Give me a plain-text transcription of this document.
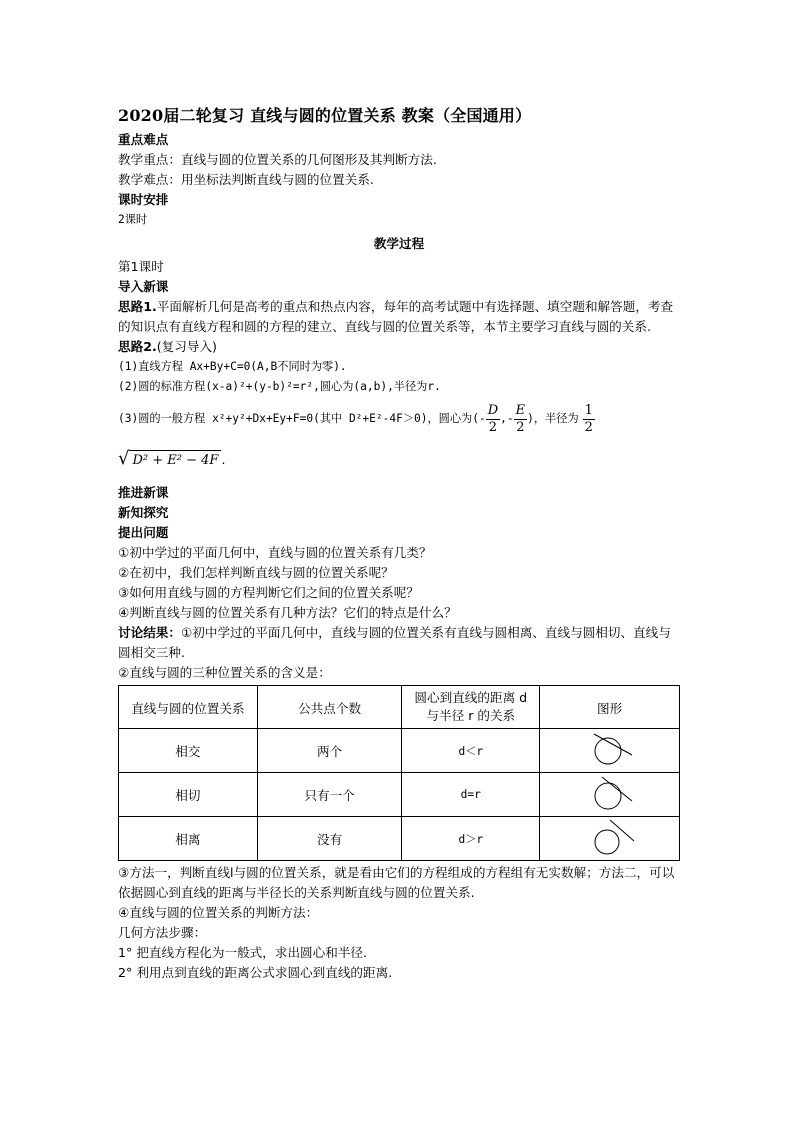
2020届二轮复习 直线与圆的位置关系 教案（全国通用）

重点难点

教学重点：直线与圆的位置关系的几何图形及其判断方法.

教学难点：用坐标法判断直线与圆的位置关系.

课时安排

2课时

教学过程

第1课时

导入新课

思路1.平面解析几何是高考的重点和热点内容，每年的高考试题中有选择题、填空题和解答题，考查的知识点有直线方程和圆的方程的建立、直线与圆的位置关系等，本节主要学习直线与圆的关系.

思路2.(复习导入)

(1)直线方程 Ax+By+C=0(A,B不同时为零).

(2)圆的标准方程(x-a)²+(y-b)²=r²,圆心为(a,b),半径为r.

(3)圆的一般方程 x²+y²+Dx+Ey+F=0(其中 D²+E²-4F＞0)，圆心为(- $\frac{D}{2}$ ,- $\frac{E}{2}$ )，半径为 $\frac{1}{2}$

√ D² + E² − 4F .

推进新课

新知探究

提出问题

①初中学过的平面几何中，直线与圆的位置关系有几类？

②在初中，我们怎样判断直线与圆的位置关系呢？

③如何用直线与圆的方程判断它们之间的位置关系呢？

④判断直线与圆的位置关系有几种方法？它们的特点是什么？

讨论结果：①初中学过的平面几何中，直线与圆的位置关系有直线与圆相离、直线与圆相切、直线与圆相交三种.

②直线与圆的三种位置关系的含义是：

直线与圆的位置关系	公共点个数	圆心到直线的距离 d
与半径 r 的关系	图形
相交	两个	d＜r	
相切	只有一个	d=r	
相离	没有	d＞r	

③方法一，判断直线l与圆的位置关系，就是看由它们的方程组成的方程组有无实数解；方法二，可以依据圆心到直线的距离与半径长的关系判断直线与圆的位置关系.

④直线与圆的位置关系的判断方法：

几何方法步骤：

1° 把直线方程化为一般式，求出圆心和半径.

2° 利用点到直线的距离公式求圆心到直线的距离.
